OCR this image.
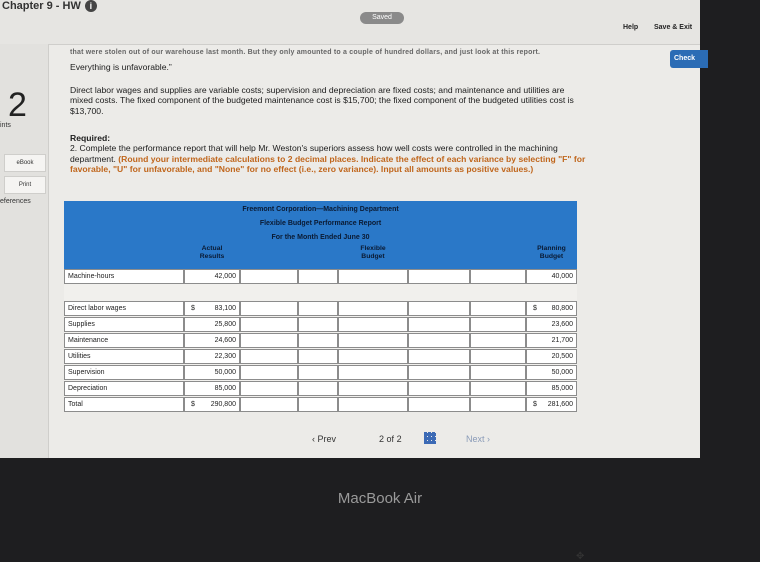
Chapter 9 - HW i
Saved
Help Save & Exit
Check
2
ints
eBook
Print
eferences
that were stolen out of our warehouse last month. But they only amounted to a couple of hundred dollars, and just look at this report.
Everything is unfavorable.”
Direct labor wages and supplies are variable costs; supervision and depreciation are fixed costs; and maintenance and utilities are
mixed costs. The fixed component of the budgeted maintenance cost is $15,700; the fixed component of the budgeted utilities cost is
$13,700.
Required:
2. Complete the performance report that will help Mr. Weston's superiors assess how well costs were controlled in the machining
department. (Round your intermediate calculations to 2 decimal places. Indicate the effect of each variance by selecting "F" for
favorable, "U" for unfavorable, and "None" for no effect (i.e., zero variance). Input all amounts as positive values.)
Freemont Corporation—Machining Department
Flexible Budget Performance Report
For the Month Ended June 30
Actual
Results
Flexible
Budget
Planning
Budget
Machine-hours	42,000	40,000
✥
Direct labor wages	$	83,100	$ 80,800
Supplies	25,800	23,600
Maintenance	24,600	21,700
Utilities	22,300	20,500
Supervision	50,000	50,000
Depreciation	85,000	85,000
Total	$ 290,800	$ 281,600
‹ Prev	2 of 2	Next ›
MacBook Air
